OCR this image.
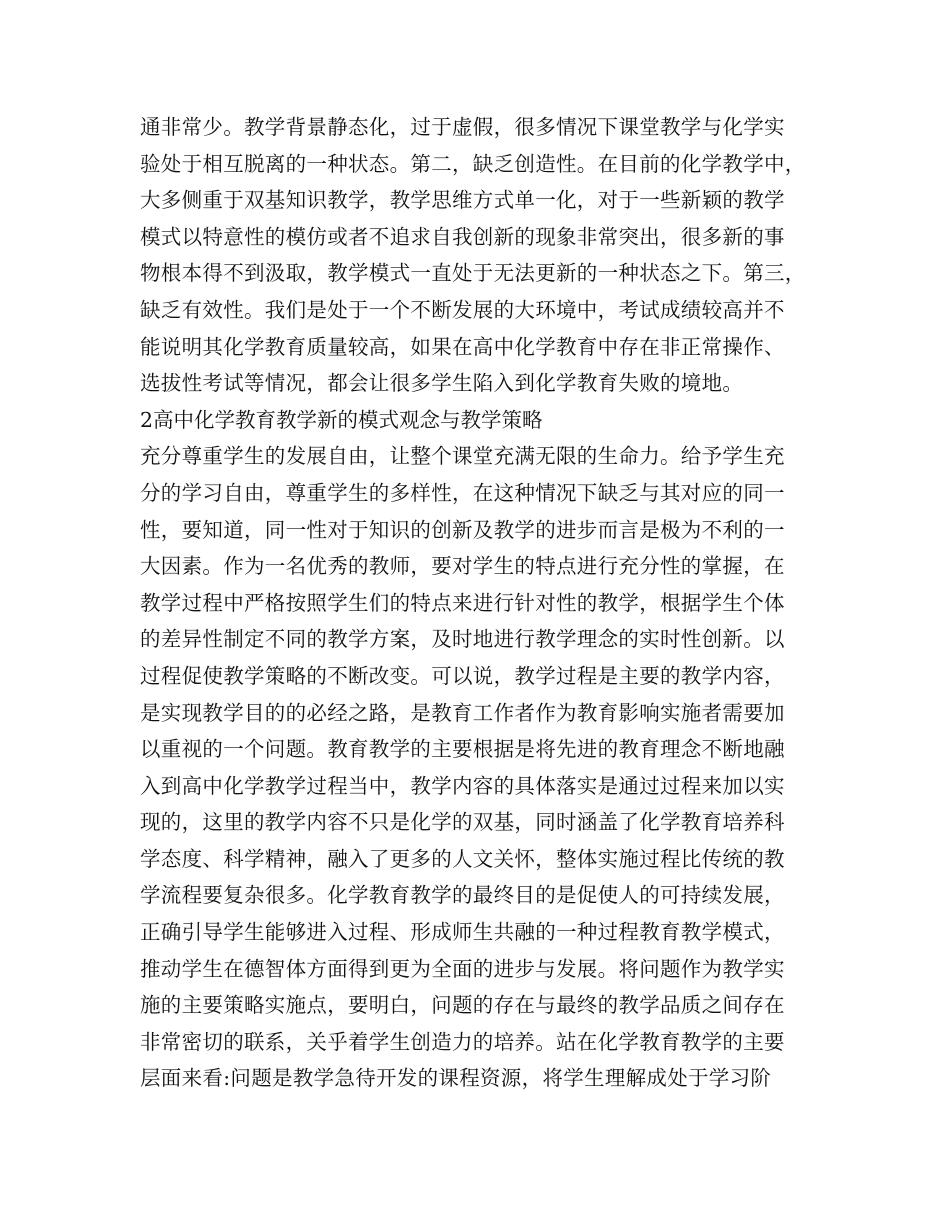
通非常少。教学背景静态化，过于虚假，很多情况下课堂教学与化学实
验处于相互脱离的一种状态。第二，缺乏创造性。在目前的化学教学中，
大多侧重于双基知识教学，教学思维方式单一化，对于一些新颖的教学
模式以特意性的模仿或者不追求自我创新的现象非常突出，很多新的事
物根本得不到汲取，教学模式一直处于无法更新的一种状态之下。第三，
缺乏有效性。我们是处于一个不断发展的大环境中，考试成绩较高并不
能说明其化学教育质量较高，如果在高中化学教育中存在非正常操作、
选拔性考试等情况，都会让很多学生陷入到化学教育失败的境地。
2高中化学教育教学新的模式观念与教学策略
充分尊重学生的发展自由，让整个课堂充满无限的生命力。给予学生充
分的学习自由，尊重学生的多样性，在这种情况下缺乏与其对应的同一
性，要知道，同一性对于知识的创新及教学的进步而言是极为不利的一
大因素。作为一名优秀的教师，要对学生的特点进行充分性的掌握，在
教学过程中严格按照学生们的特点来进行针对性的教学，根据学生个体
的差异性制定不同的教学方案，及时地进行教学理念的实时性创新。以
过程促使教学策略的不断改变。可以说，教学过程是主要的教学内容，
是实现教学目的的必经之路，是教育工作者作为教育影响实施者需要加
以重视的一个问题。教育教学的主要根据是将先进的教育理念不断地融
入到高中化学教学过程当中，教学内容的具体落实是通过过程来加以实
现的，这里的教学内容不只是化学的双基，同时涵盖了化学教育培养科
学态度、科学精神，融入了更多的人文关怀，整体实施过程比传统的教
学流程要复杂很多。化学教育教学的最终目的是促使人的可持续发展，
正确引导学生能够进入过程、形成师生共融的一种过程教育教学模式，
推动学生在德智体方面得到更为全面的进步与发展。将问题作为教学实
施的主要策略实施点，要明白，问题的存在与最终的教学品质之间存在
非常密切的联系，关乎着学生创造力的培养。站在化学教育教学的主要
层面来看:问题是教学急待开发的课程资源，将学生理解成处于学习阶
